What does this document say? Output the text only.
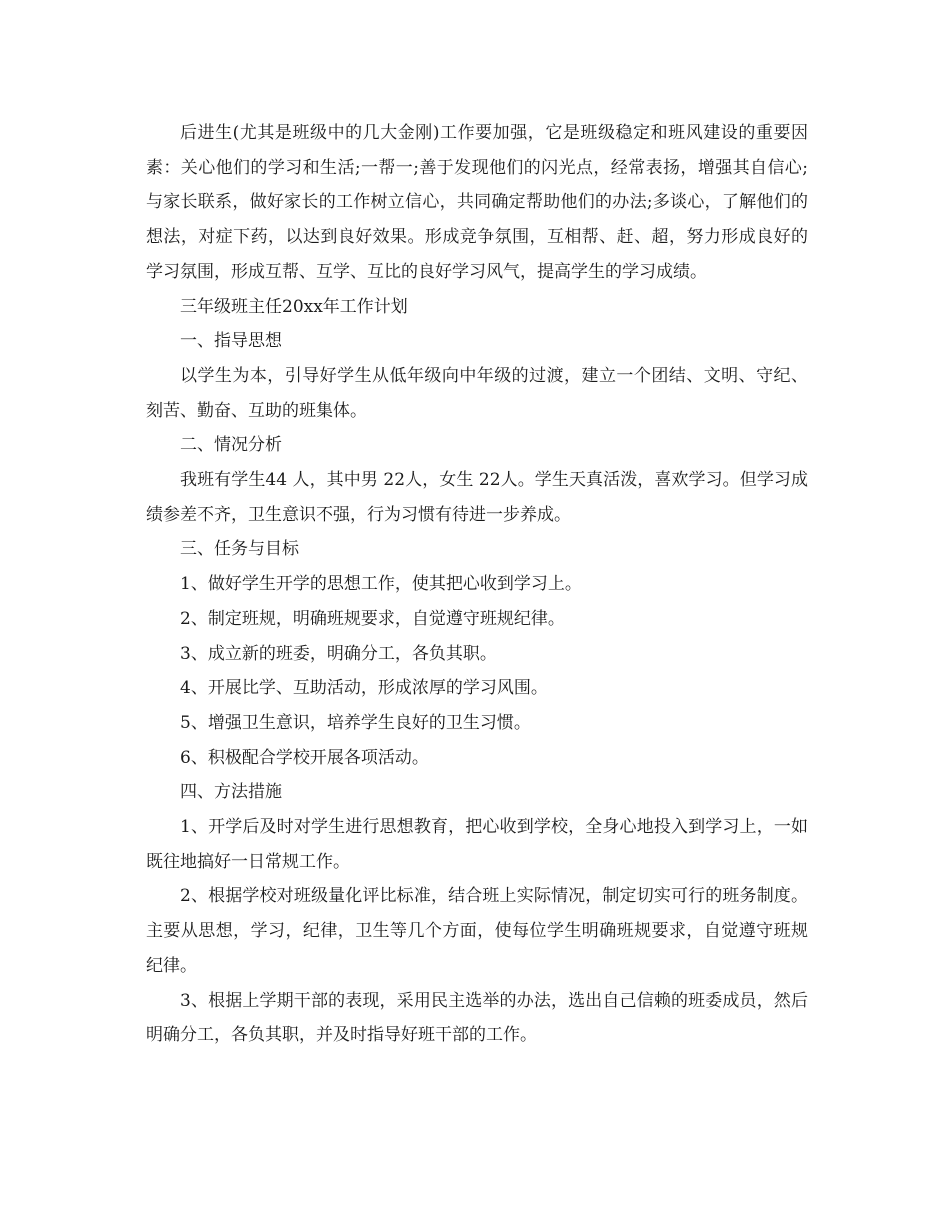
后进生(尤其是班级中的几大金刚)工作要加强，它是班级稳定和班风建设的重要因素：关心他们的学习和生活;一帮一;善于发现他们的闪光点，经常表扬，增强其自信心;与家长联系，做好家长的工作树立信心，共同确定帮助他们的办法;多谈心，了解他们的想法，对症下药，以达到良好效果。形成竞争氛围，互相帮、赶、超，努力形成良好的学习氛围，形成互帮、互学、互比的良好学习风气，提高学生的学习成绩。

三年级班主任20xx年工作计划

一、指导思想

以学生为本，引导好学生从低年级向中年级的过渡，建立一个团结、文明、守纪、刻苦、勤奋、互助的班集体。

二、情况分析

我班有学生44 人，其中男 22人，女生 22人。学生天真活泼，喜欢学习。但学习成绩参差不齐，卫生意识不强，行为习惯有待进一步养成。

三、任务与目标

1、做好学生开学的思想工作，使其把心收到学习上。

2、制定班规，明确班规要求，自觉遵守班规纪律。

3、成立新的班委，明确分工，各负其职。

4、开展比学、互助活动，形成浓厚的学习风围。

5、增强卫生意识，培养学生良好的卫生习惯。

6、积极配合学校开展各项活动。

四、方法措施

1、开学后及时对学生进行思想教育，把心收到学校，全身心地投入到学习上，一如既往地搞好一日常规工作。

2、根据学校对班级量化评比标准，结合班上实际情况，制定切实可行的班务制度。主要从思想，学习，纪律，卫生等几个方面，使每位学生明确班规要求，自觉遵守班规纪律。

3、根据上学期干部的表现，采用民主选举的办法，选出自己信赖的班委成员，然后明确分工，各负其职，并及时指导好班干部的工作。
